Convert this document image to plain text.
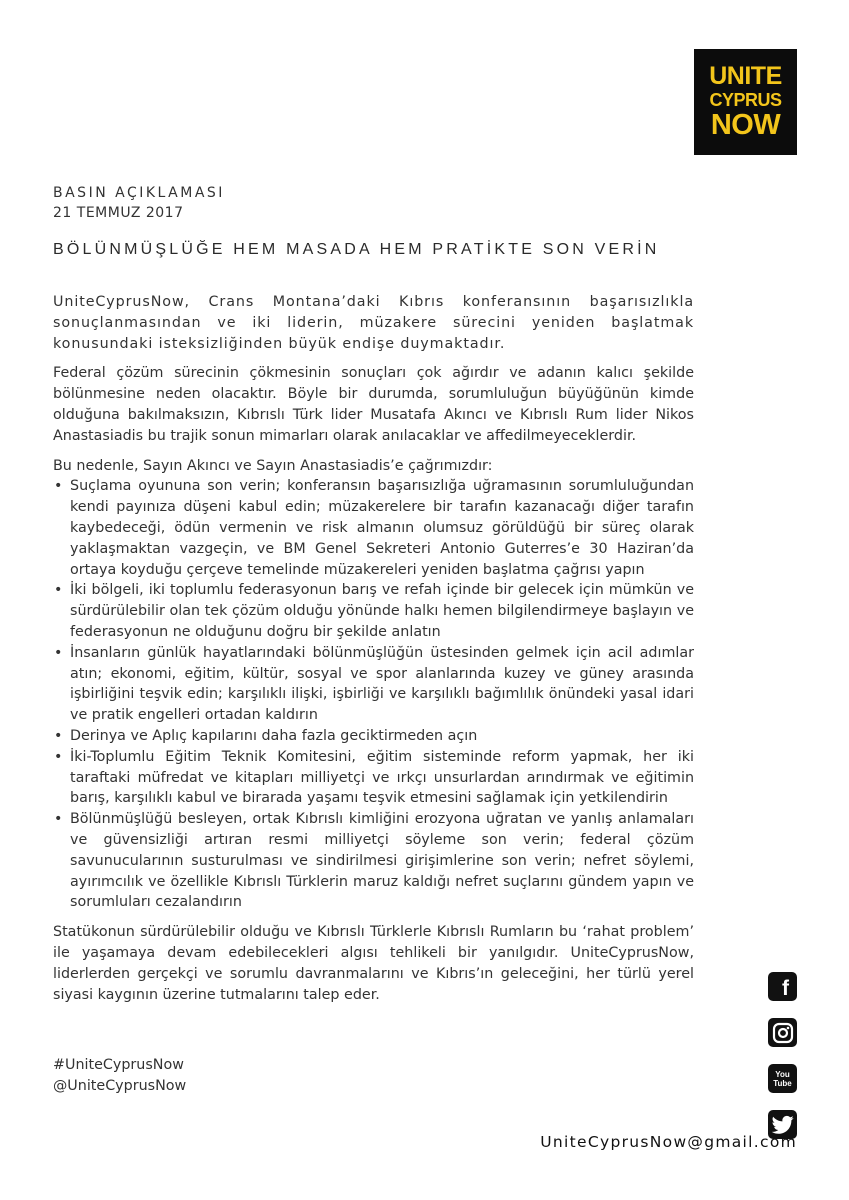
UNITE
CYPRUS
NOW
BASIN AÇIKLAMASI
21 TEMMUZ 2017
BÖLÜNMÜŞLÜĞE HEM MASADA HEM PRATİKTE SON VERİN

UniteCyprusNow, Crans Montana’daki Kıbrıs konferansının başarısızlıkla sonuçlanmasından ve iki liderin, müzakere sürecini yeniden başlatmak konusundaki isteksizliğinden büyük endişe duymaktadır.

Federal çözüm sürecinin çökmesinin sonuçları çok ağırdır ve adanın kalıcı şekilde bölünmesine neden olacaktır. Böyle bir durumda, sorumluluğun büyüğünün kimde olduğuna bakılmaksızın, Kıbrıslı Türk lider Musatafa Akıncı ve Kıbrıslı Rum lider Nikos Anastasiadis bu trajik sonun mimarları olarak anılacaklar ve affedilmeyeceklerdir.

Bu nedenle, Sayın Akıncı ve Sayın Anastasiadis’e çağrımızdır:

• Suçlama oyununa son verin; konferansın başarısızlığa uğramasının sorumluluğundan kendi payınıza düşeni kabul edin; müzakerelere bir tarafın kazanacağı diğer tarafın kaybedeceği, ödün vermenin ve risk almanın olumsuz görüldüğü bir süreç olarak yaklaşmaktan vazgeçin, ve BM Genel Sekreteri Antonio Guterres’e 30 Haziran’da ortaya koyduğu çerçeve temelinde müzakereleri yeniden başlatma çağrısı yapın
• İki bölgeli, iki toplumlu federasyonun barış ve refah içinde bir gelecek için mümkün ve sürdürülebilir olan tek çözüm olduğu yönünde halkı hemen bilgilendirmeye başlayın ve federasyonun ne olduğunu doğru bir şekilde anlatın
• İnsanların günlük hayatlarındaki bölünmüşlüğün üstesinden gelmek için acil adımlar atın; ekonomi, eğitim, kültür, sosyal ve spor alanlarında kuzey ve güney arasında işbirliğini teşvik edin; karşılıklı ilişki, işbirliği ve karşılıklı bağımlılık önündeki yasal idari ve pratik engelleri ortadan kaldırın
• Derinya ve Aplıç kapılarını daha fazla geciktirmeden açın
• İki-Toplumlu Eğitim Teknik Komitesini, eğitim sisteminde reform yapmak, her iki taraftaki müfredat ve kitapları milliyetçi ve ırkçı unsurlardan arındırmak ve eğitimin barış, karşılıklı kabul ve birarada yaşamı teşvik etmesini sağlamak için yetkilendirin
• Bölünmüşlüğü besleyen, ortak Kıbrıslı kimliğini erozyona uğratan ve yanlış anlamaları ve güvensizliği artıran resmi milliyetçi söyleme son verin; federal çözüm savunucularının susturulması ve sindirilmesi girişimlerine son verin; nefret söylemi, ayırımcılık ve özellikle Kıbrıslı Türklerin maruz kaldığı nefret suçlarını gündem yapın ve sorumluları cezalandırın

Statükonun sürdürülebilir olduğu ve Kıbrıslı Türklerle Kıbrıslı Rumların bu ‘rahat problem’ ile yaşamaya devam edebilecekleri algısı tehlikeli bir yanılgıdır. UniteCyprusNow, liderlerden gerçekçi ve sorumlu davranmalarını ve Kıbrıs’ın geleceğini, her türlü yerel siyasi kaygının üzerine tutmalarını talep eder.

#UniteCyprusNow
@UniteCyprusNow
f
You Tube
UniteCyprusNow@gmail.com
